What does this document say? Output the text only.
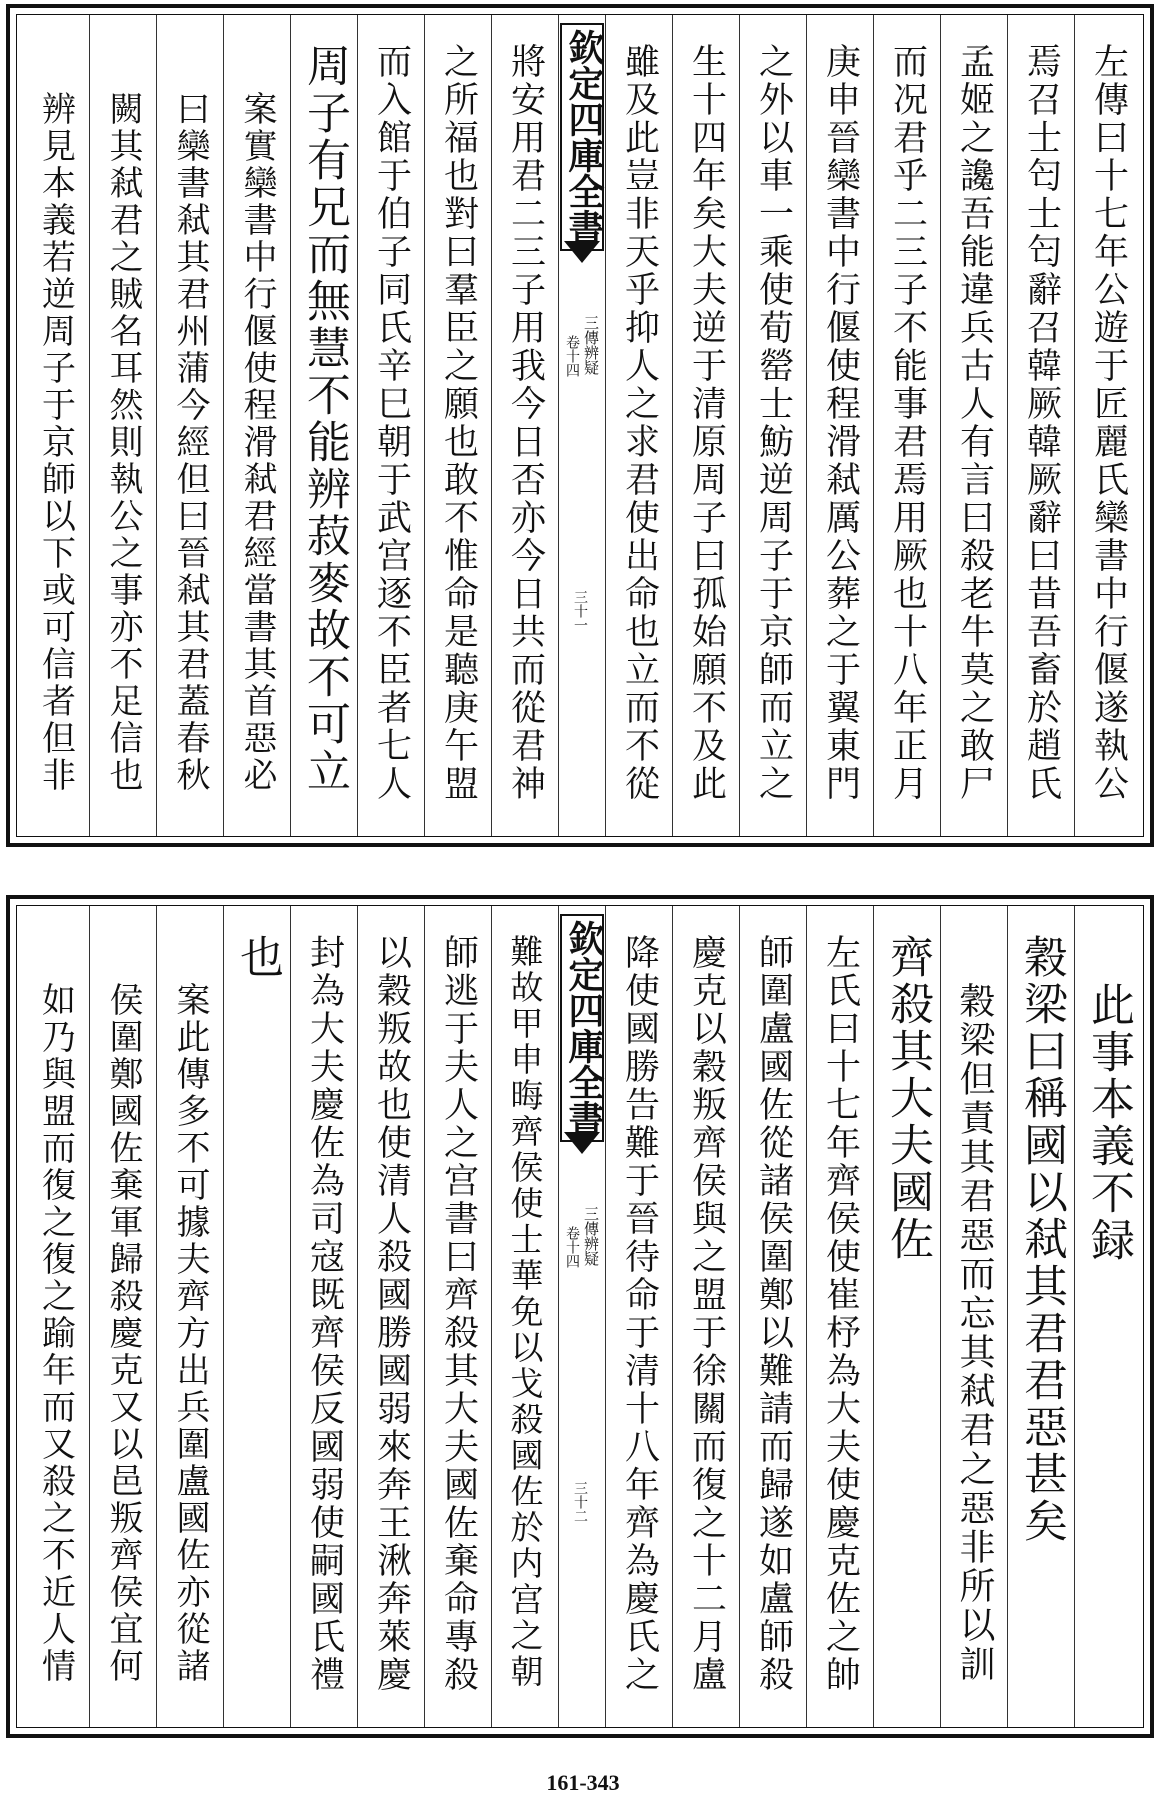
左傳曰十七年公遊于匠麗氏欒書中行偃遂執公
焉召士匄士匄辭召韓厥韓厥辭曰昔吾畜於趙氏
孟姬之讒吾能違兵古人有言曰殺老牛莫之敢尸
而况君乎二三子不能事君焉用厥也十八年正月
庚申晉欒書中行偃使程滑弒厲公葬之于翼東門
之外以車一乘使荀罃士魴逆周子于京師而立之
生十四年矣大夫逆于清原周子曰孤始願不及此
雖及此豈非天乎抑人之求君使出命也立而不從
欽定四庫全書
三傳辨疑
卷十四
三十一
將安用君二三子用我今日否亦今日共而從君神
之所福也對曰羣臣之願也敢不惟命是聽庚午盟
而入館于伯子同氏辛巳朝于武宫逐不臣者七人
周子有兄而無慧不能辨菽麥故不可立
案實欒書中行偃使程滑弒君經當書其首惡必
曰欒書弒其君州蒲今經但曰晉弒其君蓋春秋
闕其弒君之賊名耳然則執公之事亦不足信也
辨見本義若逆周子于京師以下或可信者但非
此事本義不録
穀梁曰稱國以弒其君君惡甚矣
穀梁但責其君惡而忘其弒君之惡非所以訓
齊殺其大夫國佐
左氏曰十七年齊侯使崔杼為大夫使慶克佐之帥
師圍盧國佐從諸侯圍鄭以難請而歸遂如盧師殺
慶克以穀叛齊侯與之盟于徐關而復之十二月盧
降使國勝告難于晉待命于清十八年齊為慶氏之
欽定四庫全書
三傳辨疑
卷十四
三十二
難故甲申晦齊侯使士華免以戈殺國佐於内宫之朝
師逃于夫人之宫書曰齊殺其大夫國佐棄命專殺
以穀叛故也使清人殺國勝國弱來奔王湫奔萊慶
封為大夫慶佐為司寇既齊侯反國弱使嗣國氏禮
也
案此傳多不可據夫齊方出兵圍盧國佐亦從諸
侯圍鄭國佐棄軍歸殺慶克又以邑叛齊侯宜何
如乃與盟而復之復之踰年而又殺之不近人情
161-343
